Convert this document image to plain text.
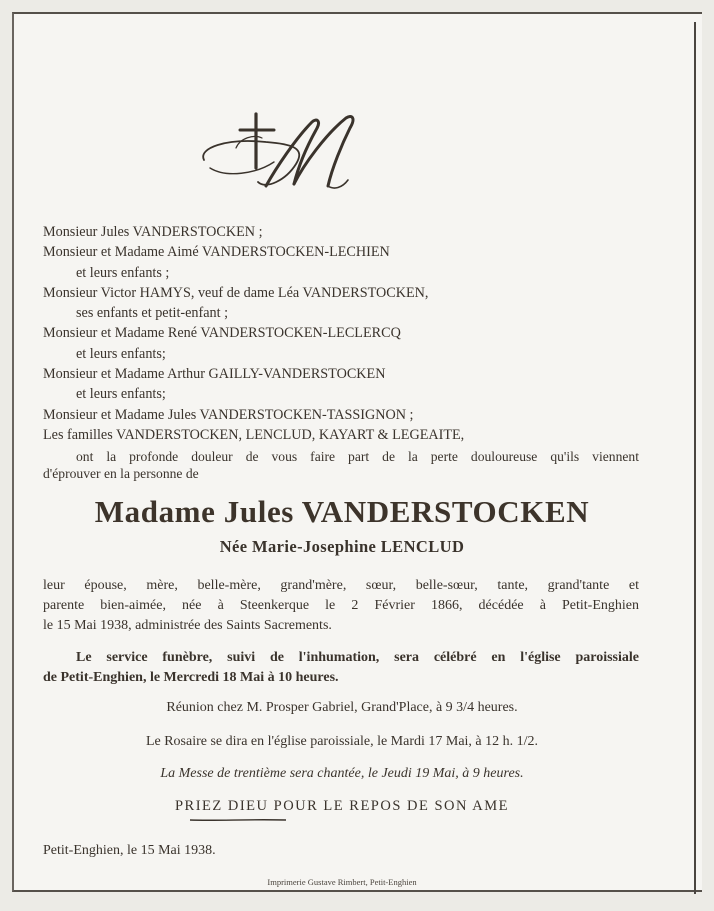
Monsieur Jules VANDERSTOCKEN ;
Monsieur et Madame Aimé VANDERSTOCKEN-LECHIEN
et leurs enfants ;
Monsieur Victor HAMYS, veuf de dame Léa VANDERSTOCKEN,
ses enfants et petit-enfant ;
Monsieur et Madame René VANDERSTOCKEN-LECLERCQ
et leurs enfants;
Monsieur et Madame Arthur GAILLY-VANDERSTOCKEN
et leurs enfants;
Monsieur et Madame Jules VANDERSTOCKEN-TASSIGNON ;
Les familles VANDERSTOCKEN, LENCLUD, KAYART & LEGEAITE,
ont la profonde douleur de vous faire part de la perte douloureuse qu'ils viennent
d'éprouver en la personne de
Madame Jules VANDERSTOCKEN
Née Marie-Josephine LENCLUD
leur épouse, mère, belle-mère, grand'mère, sœur, belle-sœur, tante, grand'tante et
parente bien-aimée, née à Steenkerque le 2 Février 1866, décédée à Petit-Enghien
le 15 Mai 1938, administrée des Saints Sacrements.
Le service funèbre, suivi de l'inhumation, sera célébré en l'église paroissiale
de Petit-Enghien, le Mercredi 18 Mai à 10 heures.
Réunion chez M. Prosper Gabriel, Grand'Place, à 9 3/4 heures.
Le Rosaire se dira en l'église paroissiale, le Mardi 17 Mai, à 12 h. 1/2.
La Messe de trentième sera chantée, le Jeudi 19 Mai, à 9 heures.
PRIEZ DIEU POUR LE REPOS DE SON AME
Petit-Enghien, le 15 Mai 1938.
Imprimerie Gustave Rimbert, Petit-Enghien
